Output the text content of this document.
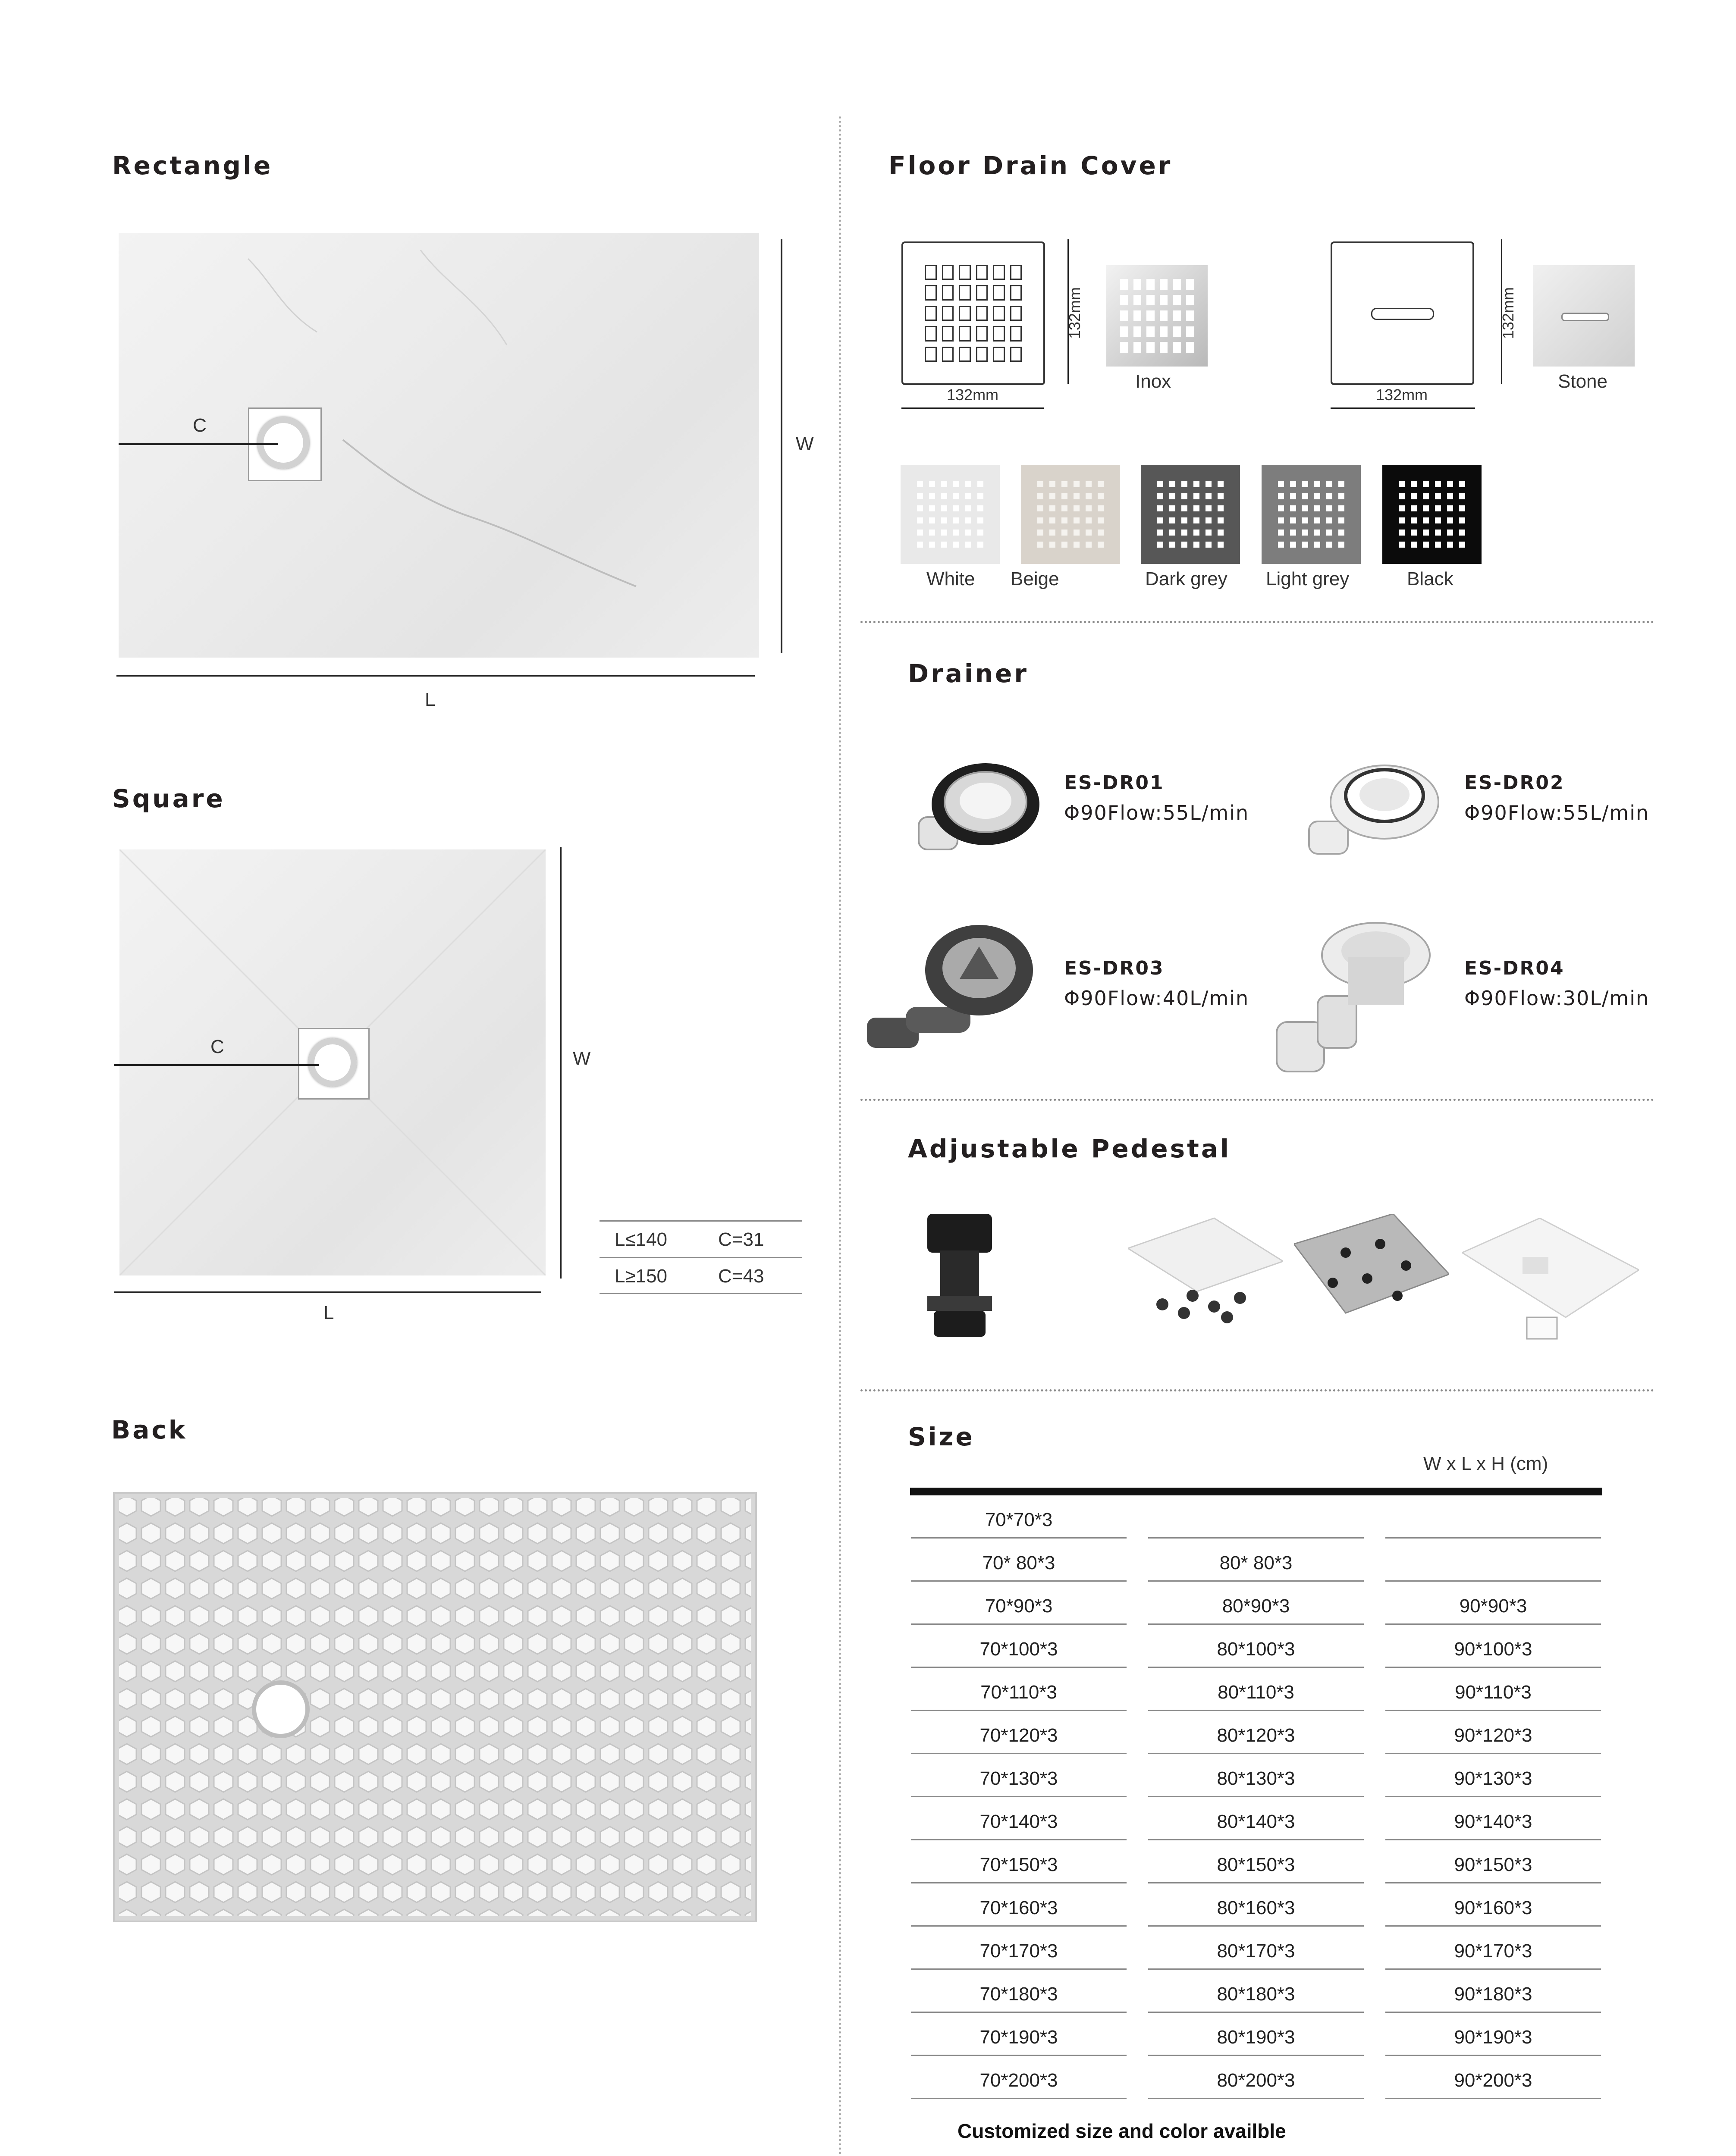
Rectangle
C
W
L
Square
C
W
L
L≤140	C=31
L≥150	C=43
Back
Floor Drain Cover
132mm
132mm
Inox
132mm
132mm
Stone
White Beige	Dark grey Light grey	Black
Drainer
ES-DR01
Φ90Flow:55L/min
ES-DR02
Φ90Flow:55L/min
ES-DR03
Φ90Flow:40L/min
ES-DR04
Φ90Flow:30L/min
Adjustable Pedestal
Size
W x L x H (cm)
70*70*3
70* 80*3	80* 80*3
70*90*3	80*90*3	90*90*3
70*100*3	80*100*3	90*100*3
70*110*3	80*110*3	90*110*3
70*120*3	80*120*3	90*120*3
70*130*3	80*130*3	90*130*3
70*140*3	80*140*3	90*140*3
70*150*3	80*150*3	90*150*3
70*160*3	80*160*3	90*160*3
70*170*3	80*170*3	90*170*3
70*180*3	80*180*3	90*180*3
70*190*3	80*190*3	90*190*3
70*200*3	80*200*3	90*200*3
Customized size and color availble
